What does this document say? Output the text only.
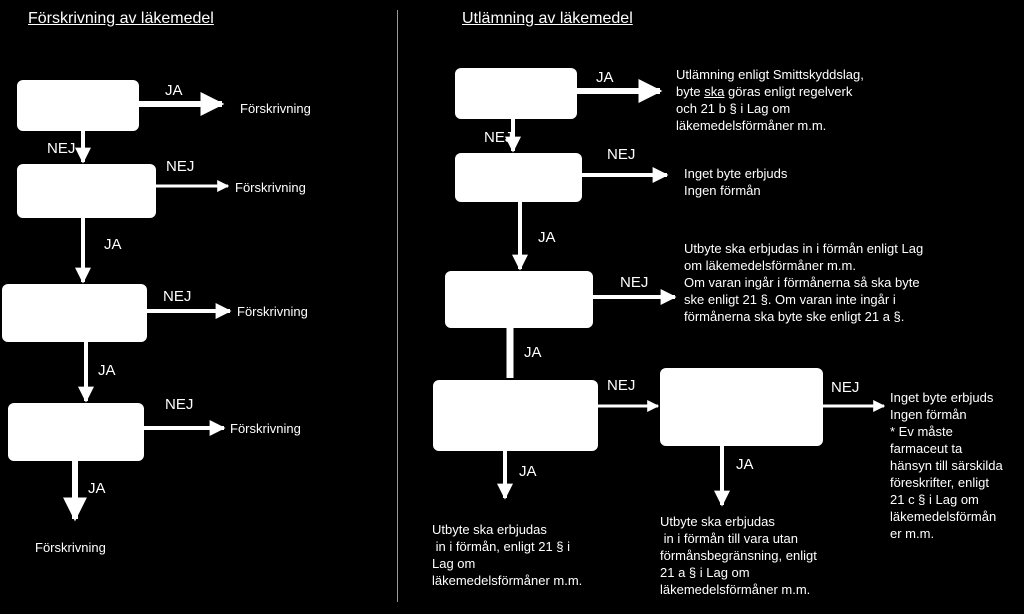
Förskrivning av läkemedel	Utlämning av läkemedel
JA
NEJ
NEJ
JA
NEJ
JA
NEJ
JA
Förskrivning
Förskrivning
Förskrivning
Förskrivning
Förskrivning
JA
NEJ
NEJ
JA
NEJ
JA
NEJ	NEJ
JA	JA
Utlämning enligt Smittskyddslag,
byte ska göras enligt regelverk
och 21 b § i Lag om
läkemedelsförmåner m.m.
Inget byte erbjuds
Ingen förmån
Utbyte ska erbjudas in i förmån enligt Lag
om läkemedelsförmåner m.m.
Om varan ingår i förmånerna så ska byte
ske enligt 21 §. Om varan inte ingår i
förmånerna ska byte ske enligt 21 a §.
Inget byte erbjuds
Ingen förmån
* Ev måste
farmaceut ta
hänsyn till särskilda
föreskrifter, enligt
21 c § i Lag om
läkemedelsförmån
er m.m.
Utbyte ska erbjudas
in i förmån, enligt 21 § i
Lag om
läkemedelsförmåner m.m.
Utbyte ska erbjudas
in i förmån till vara utan
förmånsbegränsning, enligt
21 a § i Lag om
läkemedelsförmåner m.m.
